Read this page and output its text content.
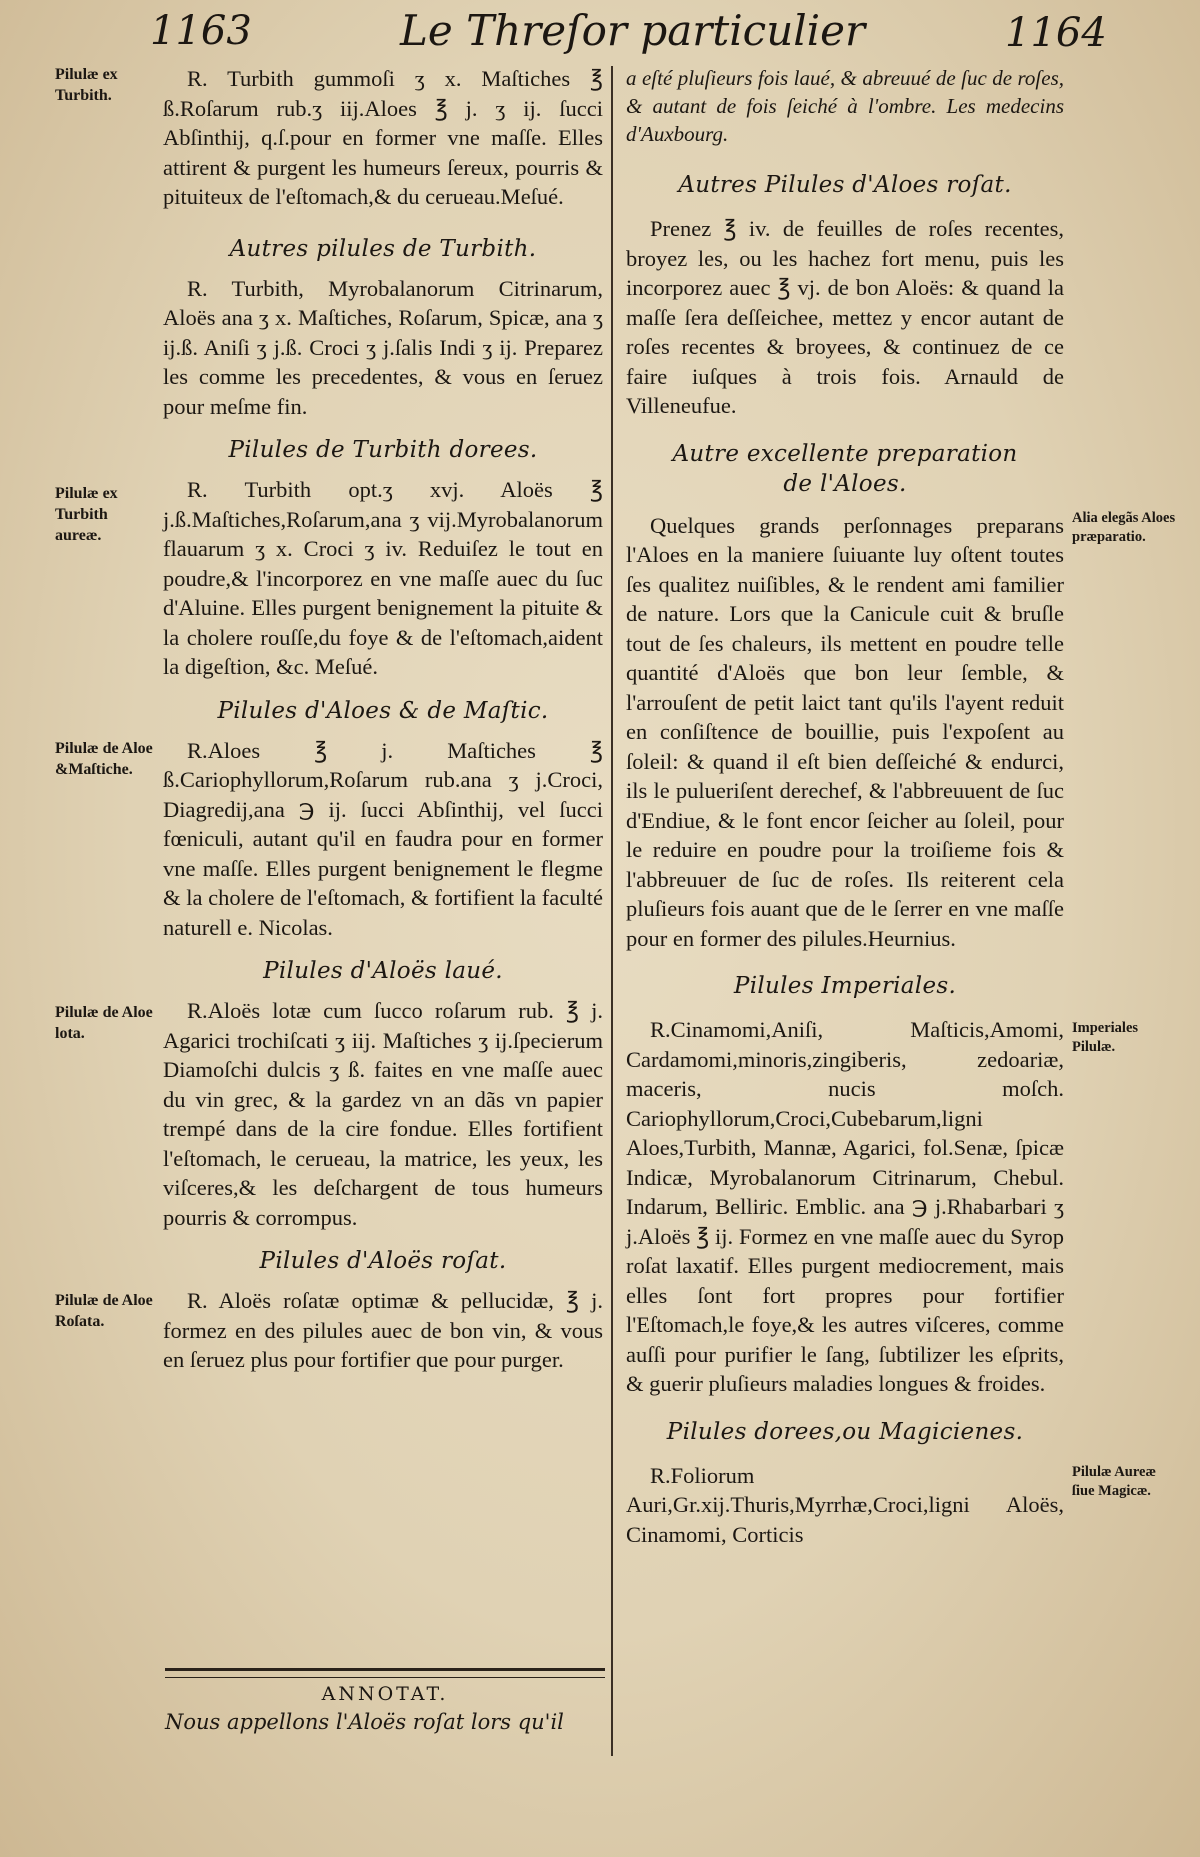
1163	Le Threſor particulier	1164
Pilulæ ex Turbith.

R. Turbith gummoſi ʒ x. Maſtiches ℥ ß.Roſarum rub.ʒ iij.Aloes ℥ j. ʒ ij. ſucci Abſinthij, q.ſ.pour en former vne maſſe. Elles attirent & purgent les humeurs ſereux, pourris & pituiteux de l'eſtomach,& du cerueau.Meſué.

Autres pilules de Turbith.

R. Turbith, Myrobalanorum Citrinarum, Aloës ana ʒ x. Maſtiches, Roſarum, Spicæ, ana ʒ ij.ß. Aniſi ʒ j.ß. Croci ʒ j.ſalis Indi ʒ ij. Preparez les comme les precedentes, & vous en ſeruez pour meſme fin.

Pilules de Turbith dorees.
Pilulæ ex Turbith aureæ.

R. Turbith opt.ʒ xvj. Aloës ℥ j.ß.Maſtiches,Roſarum,ana ʒ vij.Myrobalanorum flauarum ʒ x. Croci ʒ iv. Reduiſez le tout en poudre,& l'incorporez en vne maſſe auec du ſuc d'Aluine. Elles purgent benignement la pituite & la cholere rouſſe,du foye & de l'eſtomach,aident la digeſtion, &c. Meſué.

Pilules d'Aloes & de Maſtic.
Pilulæ de Aloe &Maſtiche.

R.Aloes ℥ j. Maſtiches ℥ ß.Cariophyllorum,Roſarum rub.ana ʒ j.Croci, Diagredij,ana ℈ ij. ſucci Abſinthij, vel ſucci fœniculi, autant qu'il en faudra pour en former vne maſſe. Elles purgent benignement le flegme & la cholere de l'eſtomach, & fortifient la faculté naturell e. Nicolas.

Pilules d'Aloës laué.
Pilulæ de Aloe lota.

R.Aloës lotæ cum ſucco roſarum rub. ℥ j. Agarici trochiſcati ʒ iij. Maſtiches ʒ ij.ſpecierum Diamoſchi dulcis ʒ ß. faites en vne maſſe auec du vin grec, & la gardez vn an dãs vn papier trempé dans de la cire fondue. Elles fortifient l'eſtomach, le cerueau, la matrice, les yeux, les viſceres,& les deſchargent de tous humeurs pourris & corrompus.

Pilules d'Aloës roſat.
Pilulæ de Aloe Roſata.

R. Aloës roſatæ optimæ & pellucidæ, ℥ j. formez en des pilules auec de bon vin, & vous en ſeruez plus pour fortifier que pour purger.

ANNOTAT.
Nous appellons l'Aloës roſat lors qu'il

a eſté pluſieurs fois laué, & abreuué de ſuc de roſes, & autant de fois ſeiché à l'ombre. Les medecins d'Auxbourg.

Autres Pilules d'Aloes roſat.

Prenez ℥ iv. de feuilles de roſes recentes, broyez les, ou les hachez fort menu, puis les incorporez auec ℥ vj. de bon Aloës: & quand la maſſe ſera deſſeichee, mettez y encor autant de roſes recentes & broyees, & continuez de ce faire iuſques à trois fois. Arnauld de Villeneufue.

Autre excellente preparation de l'Aloes.
Alia elegãs Aloes præparatio.

Quelques grands perſonnages preparans l'Aloes en la maniere ſuiuante luy oſtent toutes ſes qualitez nuiſibles, & le rendent ami familier de nature. Lors que la Canicule cuit & bruſle tout de ſes chaleurs, ils mettent en poudre telle quantité d'Aloës que bon leur ſemble, & l'arrouſent de petit laict tant qu'ils l'ayent reduit en conſiſtence de bouillie, puis l'expoſent au ſoleil: & quand il eſt bien deſſeiché & endurci, ils le pulueriſent derechef, & l'abbreuuent de ſuc d'Endiue, & le font encor ſeicher au ſoleil, pour le reduire en poudre pour la troiſieme fois & l'abbreuuer de ſuc de roſes. Ils reiterent cela pluſieurs fois auant que de le ſerrer en vne maſſe pour en former des pilules.Heurnius.

Pilules Imperiales.
Imperiales Pilulæ.

R.Cinamomi,Aniſi, Maſticis,Amomi, Cardamomi,minoris,zingiberis, zedoariæ, maceris, nucis moſch. Cariophyllorum,Croci,Cubebarum,ligni Aloes,Turbith, Mannæ, Agarici, fol.Senæ, ſpicæ Indicæ, Myrobalanorum Citrinarum, Chebul. Indarum, Belliric. Emblic. ana ℈ j.Rhabarbari ʒ j.Aloës ℥ ij. Formez en vne maſſe auec du Syrop roſat laxatif. Elles purgent mediocrement, mais elles ſont fort propres pour fortifier l'Eſtomach,le foye,& les autres viſceres, comme auſſi pour purifier le ſang, ſubtilizer les eſprits, & guerir pluſieurs maladies longues & froides.

Pilules dorees,ou Magicienes.
Pilulæ Aureæ ſiue Magicæ.

R.Foliorum Auri,Gr.xij.Thuris,Myrrhæ,Croci,ligni Aloës, Cinamomi, Corticis
